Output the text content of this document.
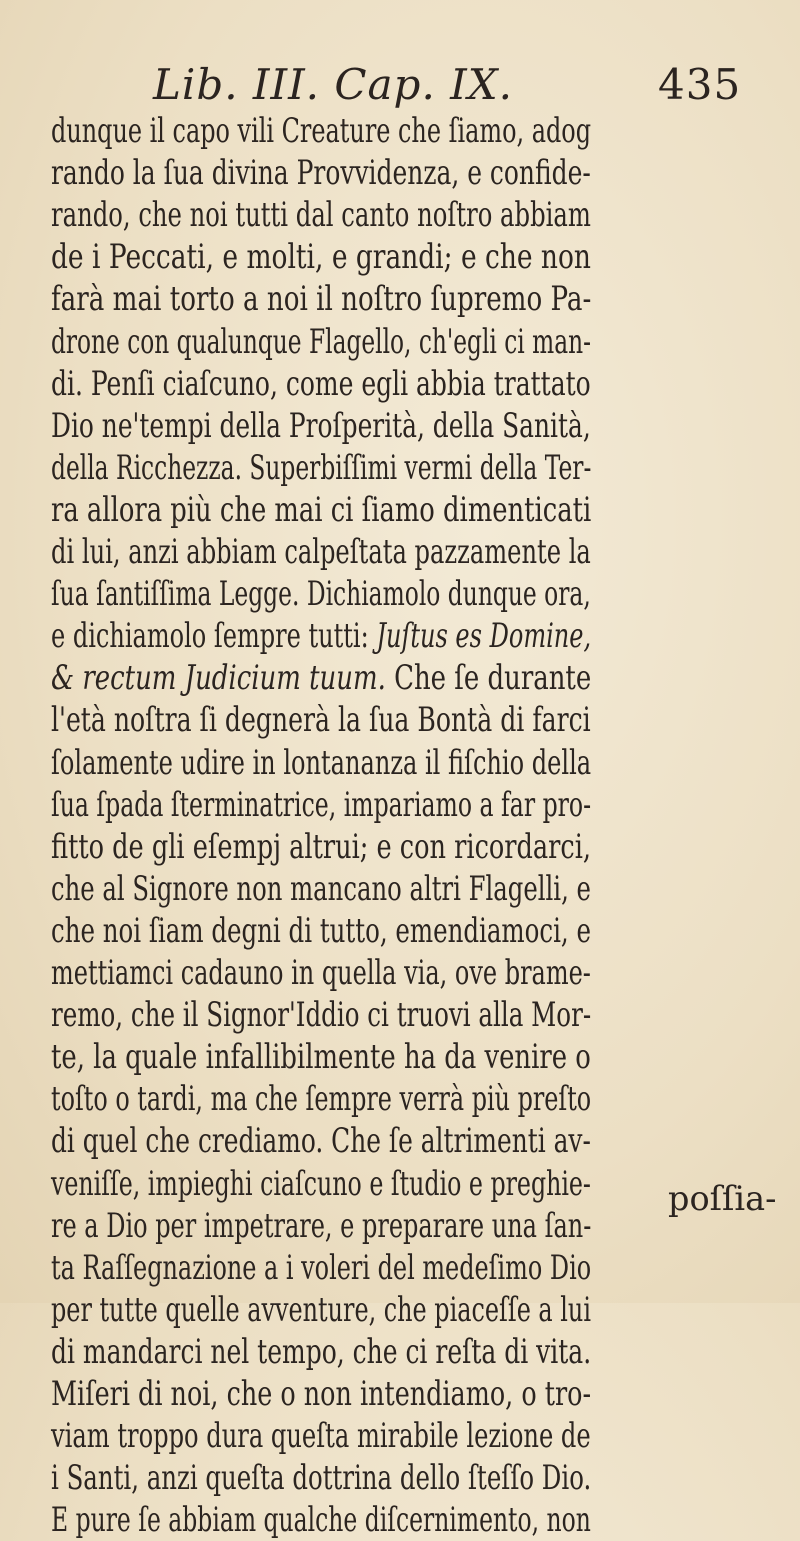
Lib. III. Cap. IX.	435
dunque il capo vili Creature che ſiamo, adog
rando la ſua divina Provvidenza, e confide-
rando, che noi tutti dal canto noſtro abbiam
de i Peccati, e molti, e grandi; e che non
farà mai torto a noi il noſtro ſupremo Pa-
drone con qualunque Flagello, ch'egli ci man-
di. Penſi ciaſcuno, come egli abbia trattato
Dio ne'tempi della Proſperità, della Sanità,
della Ricchezza. Superbiſſimi vermi della Ter-
ra allora più che mai ci ſiamo dimenticati
di lui, anzi abbiam calpeſtata pazzamente la
ſua ſantiſſima Legge. Dichiamolo dunque ora,
e dichiamolo ſempre tutti: Juſtus es Domine,
& rectum Judicium tuum. Che ſe durante
l'età noſtra ſi degnerà la ſua Bontà di farci
ſolamente udire in lontananza il fiſchio della
ſua ſpada ſterminatrice, impariamo a far pro-
fitto de gli eſempj altrui; e con ricordarci,
che al Signore non mancano altri Flagelli, e
che noi ſiam degni di tutto, emendiamoci, e
mettiamci cadauno in quella via, ove brame-
remo, che il Signor'Iddio ci truovi alla Mor-
te, la quale infallibilmente ha da venire o
toſto o tardi, ma che ſempre verrà più preſto
di quel che crediamo. Che ſe altrimenti av-
veniſſe, impieghi ciaſcuno e ſtudio e preghie-
re a Dio per impetrare, e preparare una ſan-
ta Raſſegnazione a i voleri del medeſimo Dio
per tutte quelle avventure, che piaceſſe a lui
di mandarci nel tempo, che ci reſta di vita.
Miſeri di noi, che o non intendiamo, o tro-
viam troppo dura queſta mirabile lezione de
i Santi, anzi queſta dottrina dello ſteſſo Dio.
E pure ſe abbiam qualche diſcernimento, non
poſſia-
